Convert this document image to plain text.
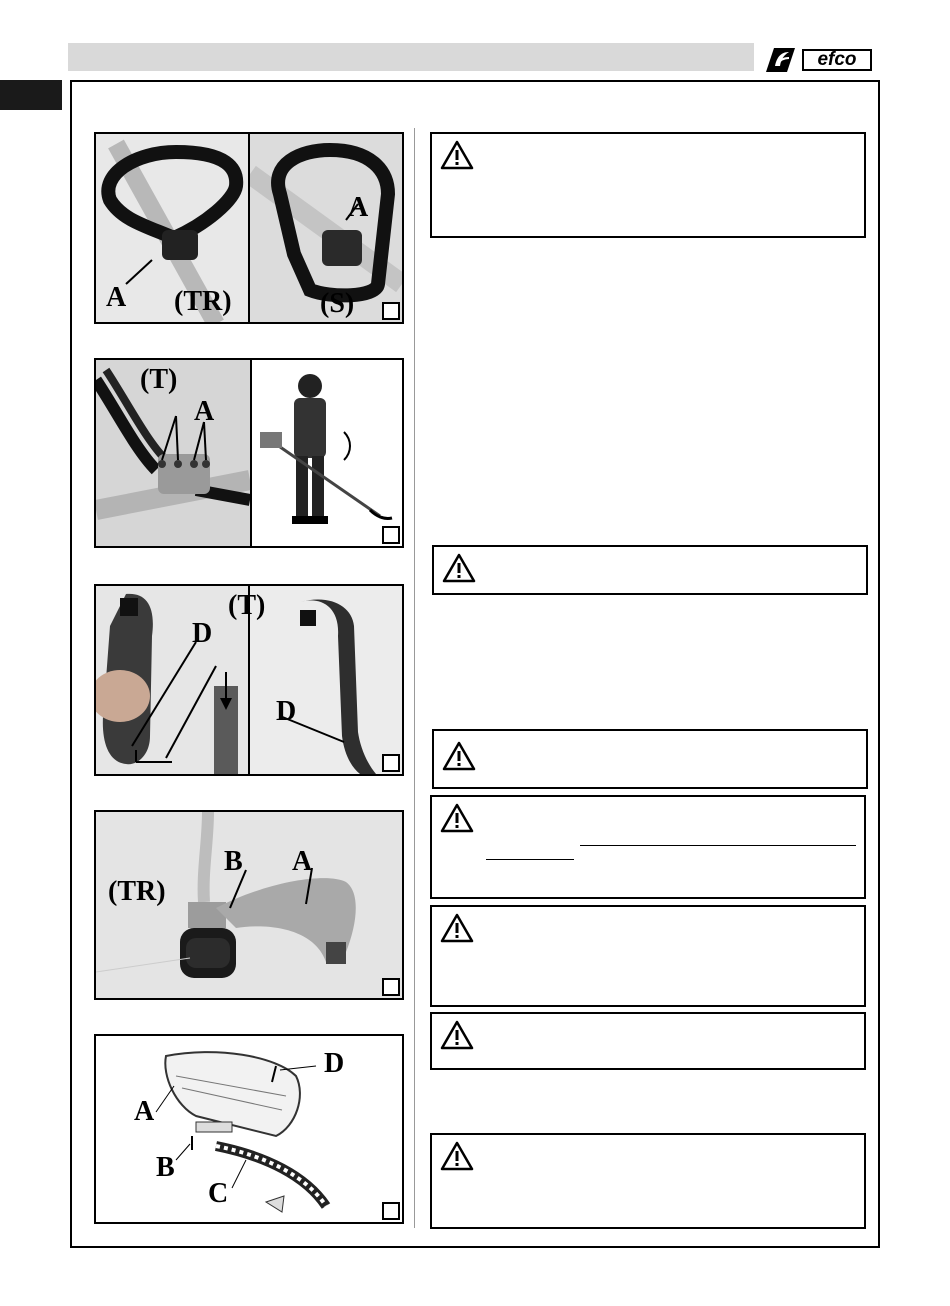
efco
A (TR)
A
(S)
(T)
A
D
(T)
D
B A
(TR)
D
A
B
C
